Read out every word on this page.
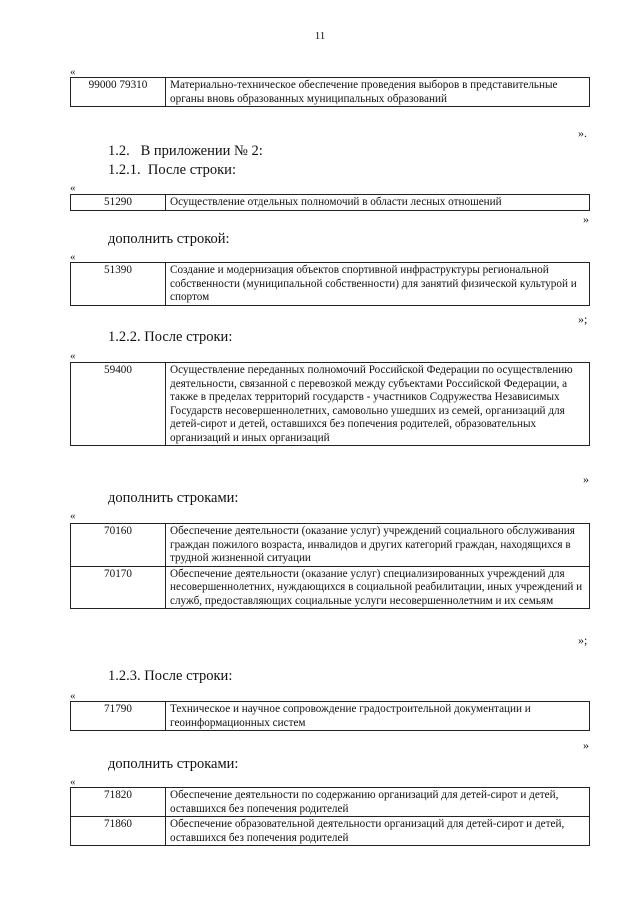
11
«
99000 79310	Материально-техническое обеспечение проведения выборов в представительные органы вновь образованных муниципальных образований
».
1.2.   В приложении № 2:
1.2.1.  После строки:
«
51290	Осуществление отдельных полномочий в области лесных отношений
»
дополнить строкой:
«
51390	Создание и модернизация объектов спортивной инфраструктуры региональной собственности (муниципальной собственности) для занятий физической культурой и спортом
»;
1.2.2. После строки:
«
59400	Осуществление переданных полномочий Российской Федерации по осуществлению деятельности, связанной с перевозкой между субъектами Российской Федерации, а также в пределах территорий государств - участников Содружества Независимых Государств несовершеннолетних, самовольно ушедших из семей, организаций для детей-сирот и детей, оставшихся без попечения родителей, образовательных организаций и иных организаций
»
дополнить строками:
«
70160	Обеспечение деятельности (оказание услуг) учреждений социального обслуживания граждан пожилого возраста, инвалидов и других категорий граждан, находящихся в трудной жизненной ситуации
70170	Обеспечение деятельности (оказание услуг) специализированных учреждений для несовершеннолетних, нуждающихся в социальной реабилитации, иных учреждений и служб, предоставляющих социальные услуги несовершеннолетним и их семьям
»;
1.2.3. После строки:
«
71790	Техническое и научное сопровождение градостроительной документации и геоинформационных систем
»
дополнить строками:
«
71820	Обеспечение деятельности по содержанию организаций для детей-сирот и детей, оставшихся без попечения родителей
71860	Обеспечение образовательной деятельности организаций для детей-сирот и детей, оставшихся без попечения родителей
